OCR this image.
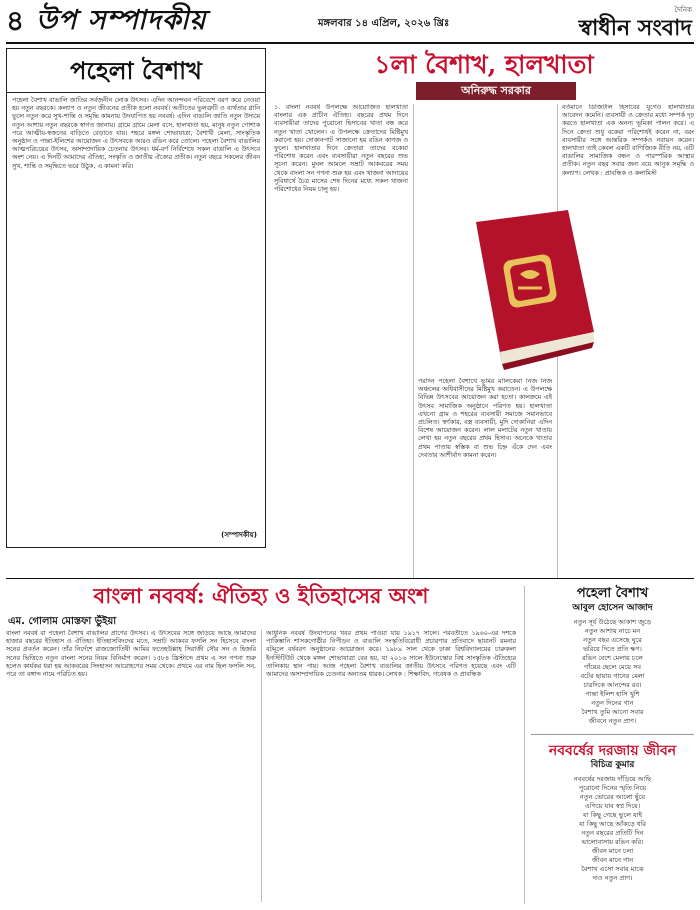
৪ উপ সম্পাদকীয়	মঙ্গলবার ১৪ এপ্রিল, ২০২৬ খ্রিঃ
দৈনিক
স্বাধীন সংবাদ
পহেলা বৈশাখ
পহেলা বৈশাখ বাঙালি জাতির সর্বজনীন লোক উৎসব। এদিন আনন্দঘন পরিবেশে বরণ করে নেওয়া হয় নতুন বছরকে। কল্যাণ ও নতুন জীবনের প্রতীক হলো নববর্ষ। অতীতের ভুলত্রুটি ও ব্যর্থতার গ্লানি ভুলে নতুন করে সুখ-শান্তি ও সমৃদ্ধি কামনায় উদযাপিত হয় নববর্ষ। এদিন বাঙালি জাতি নতুন উদ্যমে নতুন আশায় নতুন বছরকে স্বাগত জানায়। গ্রামে গ্রামে মেলা বসে, হালখাতা হয়, মানুষ নতুন পোশাক পরে আত্মীয়-স্বজনের বাড়িতে বেড়াতে যায়। শহরে মঙ্গল শোভাযাত্রা, বৈশাখী মেলা, সাংস্কৃতিক অনুষ্ঠান ও পান্তা-ইলিশের আয়োজন এ উৎসবকে আরও রঙিন করে তোলে। পহেলা বৈশাখ বাঙালির আত্মপরিচয়ের উৎসব, অসাম্প্রদায়িক চেতনার উৎসব। ধর্ম-বর্ণ নির্বিশেষে সকল বাঙালি এ উৎসবে অংশ নেয়। এ দিনটি আমাদের ঐতিহ্য, সংস্কৃতি ও জাতীয় ঐক্যের প্রতীক। নতুন বছরে সকলের জীবন সুখ, শান্তি ও সমৃদ্ধিতে ভরে উঠুক, এ কামনা করি।
(সম্পাদকীয়)
১লা বৈশাখ, হালখাতা
অনিরুদ্ধ সরকার
১. বাংলা নববর্ষ উপলক্ষে আয়োজিত হালখাতা বাংলার এক প্রাচীন ঐতিহ্য। বছরের প্রথম দিনে ব্যবসায়ীরা তাদের পুরোনো হিসাবের খাতা বন্ধ করে নতুন খাতা খোলেন। এ উপলক্ষে ক্রেতাদের মিষ্টিমুখ করানো হয়। দোকানপাট সাজানো হয় রঙিন কাগজ ও ফুলে। হালখাতার দিনে ক্রেতারা তাদের বকেয়া পরিশোধ করেন এবং ব্যবসায়ীরা নতুন বছরের শুভ সূচনা করেন। মুঘল আমলে সম্রাট আকবরের সময় থেকে বাংলা সন গণনা শুরু হয় এবং খাজনা আদায়ের সুবিধার্থে চৈত্র মাসের শেষ দিনের মধ্যে সকল খাজনা পরিশোধের নিয়ম চালু হয়।
পরদিন পহেলা বৈশাখে ভূমির মালিকেরা নিজ নিজ অঞ্চলের অধিবাসীদের মিষ্টিমুখ করাতেন। এ উপলক্ষে বিভিন্ন উৎসবের আয়োজন করা হতো। কালক্রমে এই উৎসব সামাজিক অনুষ্ঠানে পরিণত হয়। হালখাতা এখনো গ্রাম ও শহরের ব্যবসায়ী সমাজে সমানভাবে প্রচলিত। স্বর্ণকার, বস্ত্র ব্যবসায়ী, মুদি দোকানিরা এদিন বিশেষ আয়োজন করেন। লাল মলাটের নতুন খাতায় লেখা হয় নতুন বছরের প্রথম হিসাব। অনেকে খাতার প্রথম পাতায় স্বস্তিক বা শুভ চিহ্ন এঁকে দেন এবং দেবতার আশীর্বাদ কামনা করেন।
বর্তমানে ডিজিটাল হিসাবের যুগেও হালখাতার আবেদন কমেনি। ব্যবসায়ী ও ক্রেতার মধ্যে সম্পর্ক দৃঢ় করতে হালখাতা এক অনন্য ভূমিকা পালন করে। এ দিনে ক্রেতা শুধু বকেয়া পরিশোধই করেন না, বরং ব্যবসায়ীর সঙ্গে আন্তরিক সম্পর্কও নবায়ন করেন। হালখাতা তাই কেবল একটি বাণিজ্যিক রীতি নয়, এটি বাঙালির সামাজিক বন্ধন ও পারস্পরিক আস্থার প্রতীক। নতুন বছর সবার জন্য বয়ে আনুক সমৃদ্ধি ও কল্যাণ। লেখক : প্রাবন্ধিক ও কলামিস্ট
বাংলা নববর্ষ: ঐতিহ্য ও ইতিহাসের অংশ
এম. গোলাম মোস্তফা ভুঁইয়া
বাংলা নববর্ষ বা পহেলা বৈশাখ বাঙালির প্রাণের উৎসব। এ উৎসবের সঙ্গে জড়িয়ে আছে আমাদের হাজার বছরের ইতিহাস ও ঐতিহ্য। ইতিহাসবিদদের মতে, সম্রাট আকবর ফসলি সন হিসেবে বাংলা সনের প্রবর্তন করেন। তাঁর নির্দেশে রাজজ্যোতিষী আমির ফতেহউল্লাহ সিরাজী সৌর সন ও হিজরি সনের ভিত্তিতে নতুন বাংলা সনের নিয়ম বিনির্মাণ করেন। ১৫৮৪ খ্রিস্টাব্দে প্রথম এ সন গণনা শুরু হলেও কার্যকর ধরা হয় আকবরের সিংহাসন আরোহণের সময় থেকে। প্রথমে এর নাম ছিল ফসলি সন, পরে তা বঙ্গাব্দ নামে পরিচিত হয়।
আধুনিক নববর্ষ উদযাপনের খবর প্রথম পাওয়া যায় ১৯১৭ সালে। পরবর্তীতে ১৯৬০-এর দশকে পাকিস্তানি শাসকগোষ্ঠীর নিপীড়ন ও বাঙালি সংস্কৃতিবিরোধী প্রচারণার প্রতিবাদে ছায়ানট রমনার বটমূলে বর্ষবরণ অনুষ্ঠানের আয়োজন করে। ১৯৮৯ সাল থেকে ঢাকা বিশ্ববিদ্যালয়ের চারুকলা ইনস্টিটিউট থেকে মঙ্গল শোভাযাত্রা বের হয়, যা ২০১৬ সালে ইউনেস্কোর বিশ্ব সাংস্কৃতিক ঐতিহ্যের তালিকায় স্থান পায়। আজ পহেলা বৈশাখ বাঙালির জাতীয় উৎসবে পরিণত হয়েছে এবং এটি আমাদের অসাম্প্রদায়িক চেতনার অন্যতম ধারক। লেখক : শিক্ষাবিদ, গবেষক ও প্রাবন্ধিক
পহেলা বৈশাখ
আবুল হোসেন আজাদ
নতুন সূর্য উঠেছে আকাশ জুড়ে
নতুন আশায় নাচে মন
নতুন বছর এসেছে ঘুরে
ভরিয়ে দিতে প্রতি ক্ষণ।
রঙিন বেশে মেলায় চলে
গাঁয়ের ছেলে মেয়ে সব
বটের ছায়ায় গানের মেলা
চারদিকে আনন্দের রব।
পান্তা ইলিশ হাসি খুশি
নতুন দিনের গান
বৈশাখ তুমি আনো সবার
জীবনে নতুন প্রাণ।
নববর্ষের দরজায় জীবন
বিচিত্র কুমার
নববর্ষের দরজায় দাঁড়িয়ে আছি
পুরোনো দিনের স্মৃতি নিয়ে
নতুন ভোরের আলো ছুঁয়ে
এগিয়ে যাব স্বপ্ন দিয়ে।
যা কিছু গেছে ভুলে যাই
যা কিছু আছে আঁকড়ে ধরি
নতুন বছরের প্রতিটি দিন
ভালোবাসায় রঙিন করি।
জীবন মানে চলা
জীবন মানে গান
বৈশাখ এসো সবার মাঝে
দাও নতুন প্রাণ।
